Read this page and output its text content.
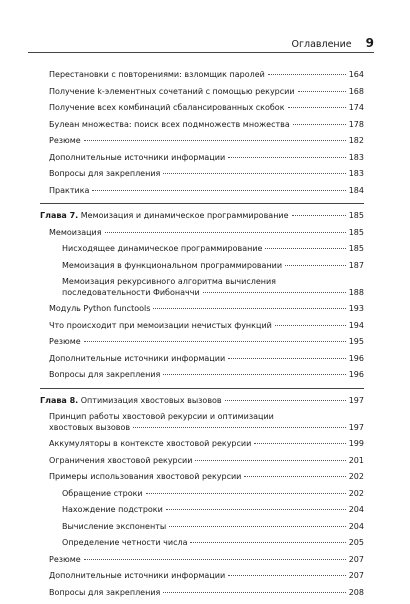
Оглавление 9
Перестановки с повторениями: взломщик паролей	164
Получение k-элементных сочетаний с помощью рекурсии	168
Получение всех комбинаций сбалансированных скобок	174
Булеан множества: поиск всех подмножеств множества	178
Резюме	182
Дополнительные источники информации	183
Вопросы для закрепления	183
Практика	184
Глава 7. Мемоизация и динамическое программирование	185
Мемоизация	185
Нисходящее динамическое программирование	185
Мемоизация в функциональном программировании	187
Мемоизация рекурсивного алгоритма вычисления
последовательности Фибоначчи	188
Модуль Python functools	193
Что происходит при мемоизации нечистых функций	194
Резюме	195
Дополнительные источники информации	196
Вопросы для закрепления	196
Глава 8. Оптимизация хвостовых вызовов	197
Принцип работы хвостовой рекурсии и оптимизации
хвостовых вызовов	197
Аккумуляторы в контексте хвостовой рекурсии	199
Ограничения хвостовой рекурсии	201
Примеры использования хвостовой рекурсии	202
Обращение строки	202
Нахождение подстроки	204
Вычисление экспоненты	204
Определение четности числа	205
Резюме	207
Дополнительные источники информации	207
Вопросы для закрепления	208
